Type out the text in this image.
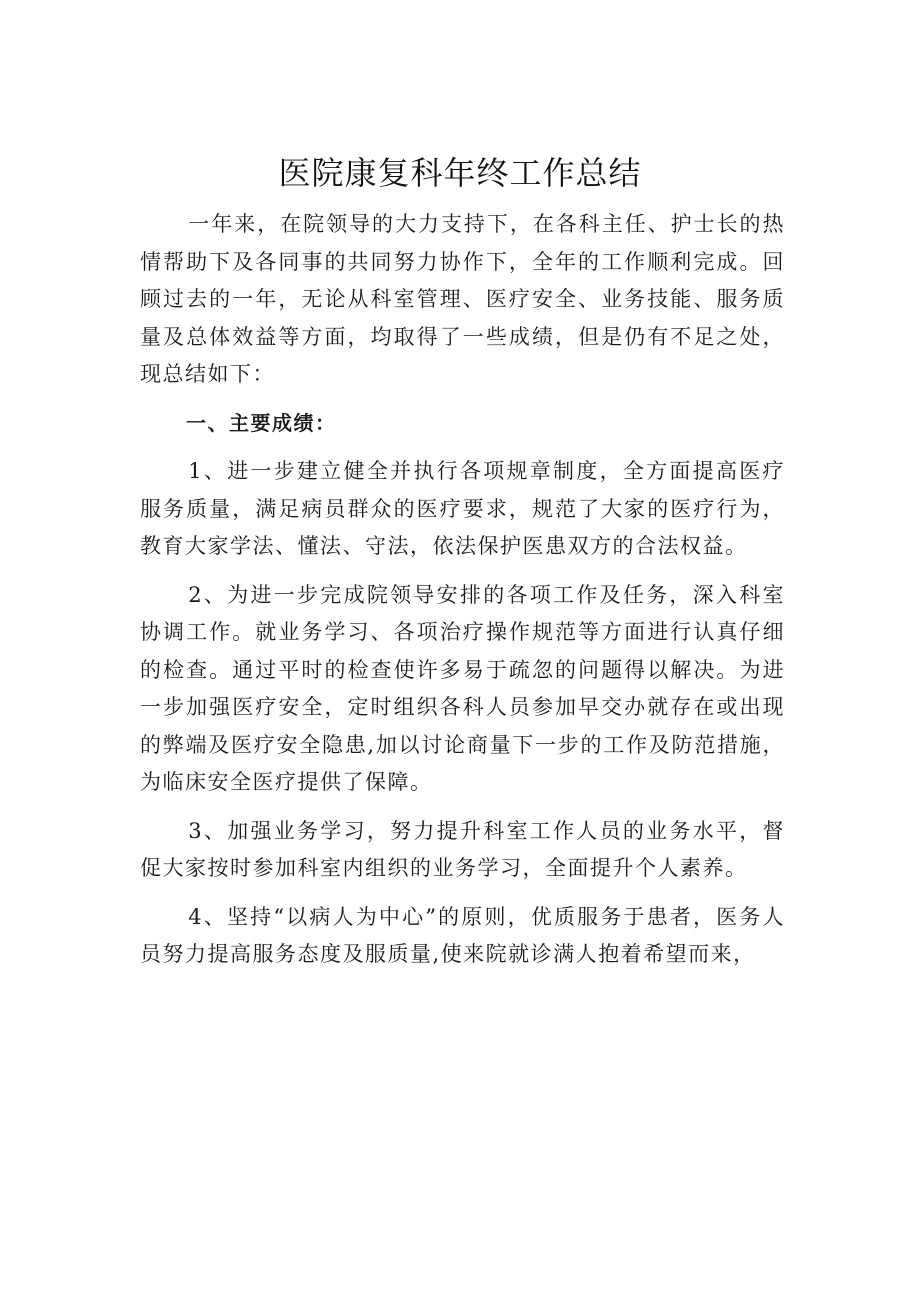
医院康复科年终工作总结

一年来，在院领导的大力支持下，在各科主任、护士长的热情帮助下及各同事的共同努力协作下，全年的工作顺利完成。回顾过去的一年，无论从科室管理、医疗安全、业务技能、服务质量及总体效益等方面，均取得了一些成绩，但是仍有不足之处，现总结如下：

一、主要成绩：

1、进一步建立健全并执行各项规章制度，全方面提高医疗服务质量，满足病员群众的医疗要求，规范了大家的医疗行为，教育大家学法、懂法、守法，依法保护医患双方的合法权益。

2、为进一步完成院领导安排的各项工作及任务，深入科室协调工作。就业务学习、各项治疗操作规范等方面进行认真仔细的检查。通过平时的检查使许多易于疏忽的问题得以解决。为进一步加强医疗安全，定时组织各科人员参加早交办就存在或出现的弊端及医疗安全隐患,加以讨论商量下一步的工作及防范措施，为临床安全医疗提供了保障。

3、加强业务学习，努力提升科室工作人员的业务水平，督促大家按时参加科室内组织的业务学习，全面提升个人素养。

4、坚持“以病人为中心”的原则，优质服务于患者，医务人员努力提高服务态度及服质量,使来院就诊满人抱着希望而来，
